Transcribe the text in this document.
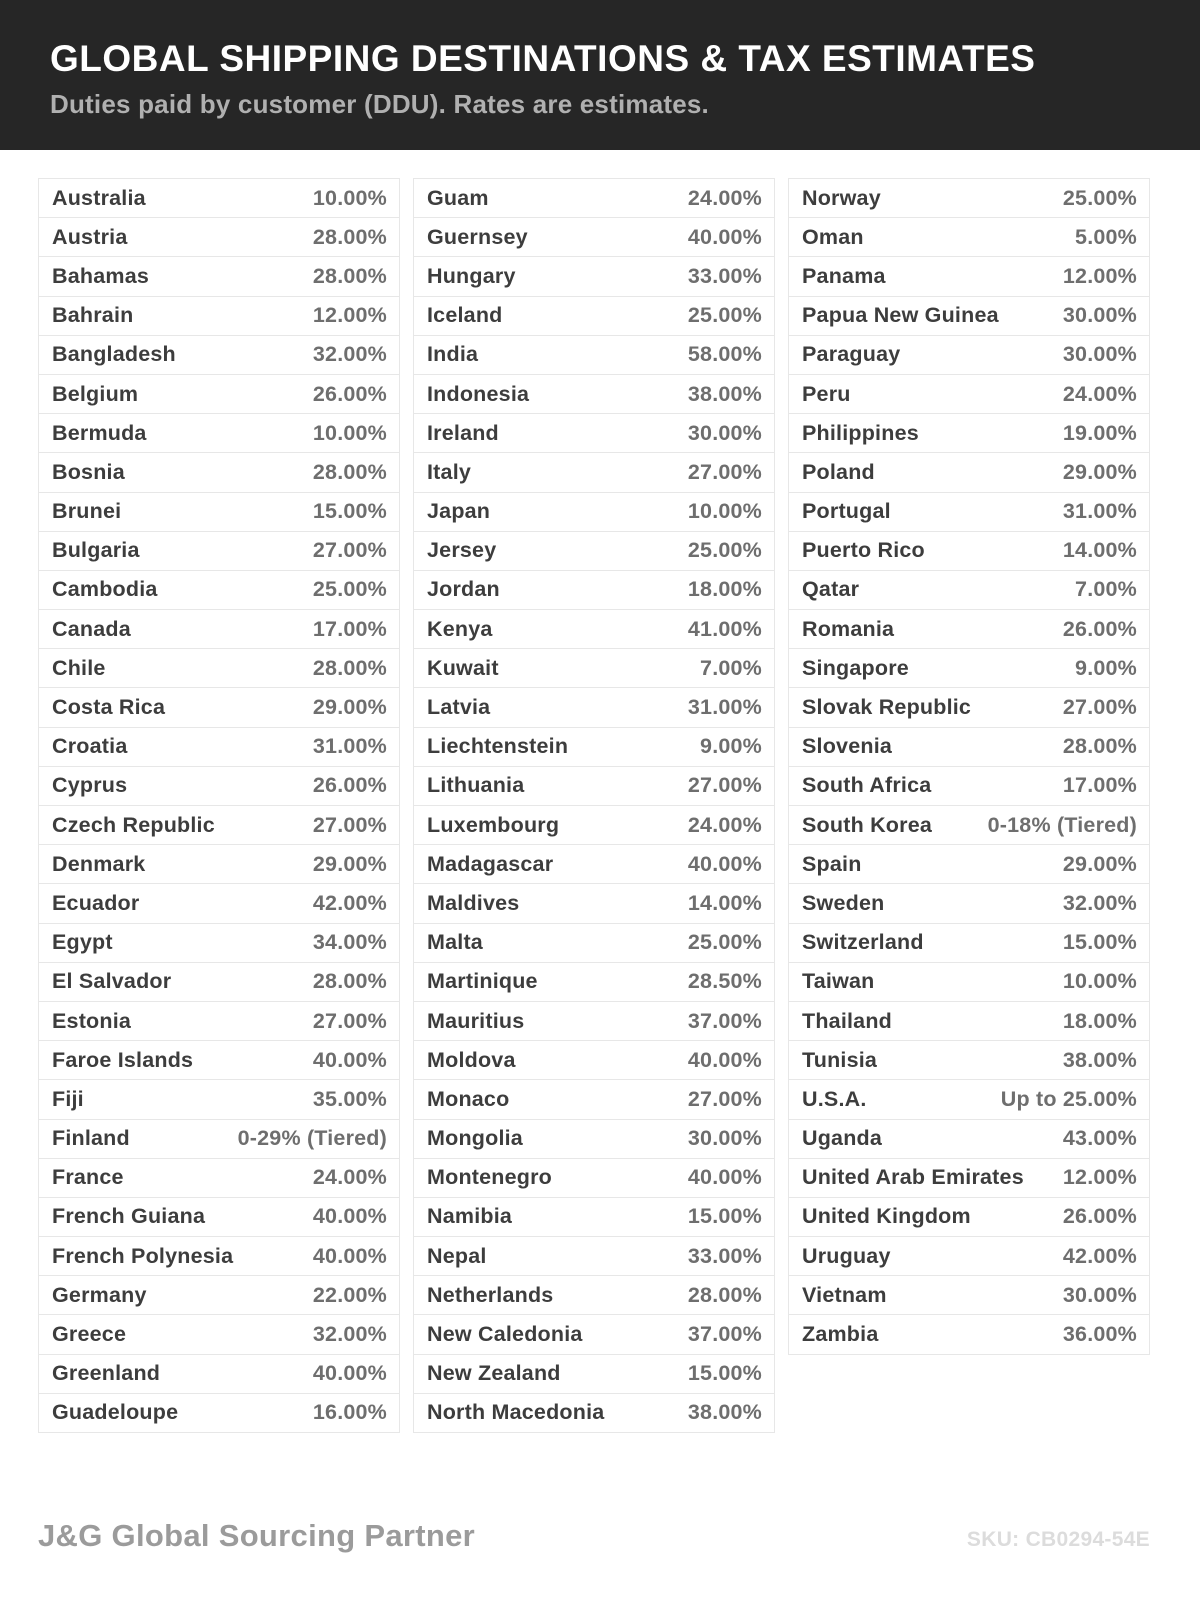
GLOBAL SHIPPING DESTINATIONS & TAX ESTIMATES

Duties paid by customer (DDU). Rates are estimates.

Australia	10.00%
Austria	28.00%
Bahamas	28.00%
Bahrain	12.00%
Bangladesh	32.00%
Belgium	26.00%
Bermuda	10.00%
Bosnia	28.00%
Brunei	15.00%
Bulgaria	27.00%
Cambodia	25.00%
Canada	17.00%
Chile	28.00%
Costa Rica	29.00%
Croatia	31.00%
Cyprus	26.00%
Czech Republic	27.00%
Denmark	29.00%
Ecuador	42.00%
Egypt	34.00%
El Salvador	28.00%
Estonia	27.00%
Faroe Islands	40.00%
Fiji	35.00%
Finland	0-29% (Tiered)
France	24.00%
French Guiana	40.00%
French Polynesia	40.00%
Germany	22.00%
Greece	32.00%
Greenland	40.00%
Guadeloupe	16.00%
Guam	24.00%
Guernsey	40.00%
Hungary	33.00%
Iceland	25.00%
India	58.00%
Indonesia	38.00%
Ireland	30.00%
Italy	27.00%
Japan	10.00%
Jersey	25.00%
Jordan	18.00%
Kenya	41.00%
Kuwait	7.00%
Latvia	31.00%
Liechtenstein	9.00%
Lithuania	27.00%
Luxembourg	24.00%
Madagascar	40.00%
Maldives	14.00%
Malta	25.00%
Martinique	28.50%
Mauritius	37.00%
Moldova	40.00%
Monaco	27.00%
Mongolia	30.00%
Montenegro	40.00%
Namibia	15.00%
Nepal	33.00%
Netherlands	28.00%
New Caledonia	37.00%
New Zealand	15.00%
North Macedonia	38.00%
Norway	25.00%
Oman	5.00%
Panama	12.00%
Papua New Guinea	30.00%
Paraguay	30.00%
Peru	24.00%
Philippines	19.00%
Poland	29.00%
Portugal	31.00%
Puerto Rico	14.00%
Qatar	7.00%
Romania	26.00%
Singapore	9.00%
Slovak Republic	27.00%
Slovenia	28.00%
South Africa	17.00%
South Korea	0-18% (Tiered)
Spain	29.00%
Sweden	32.00%
Switzerland	15.00%
Taiwan	10.00%
Thailand	18.00%
Tunisia	38.00%
U.S.A.	Up to 25.00%
Uganda	43.00%
United Arab Emirates 12.00%
United Kingdom	26.00%
Uruguay	42.00%
Vietnam	30.00%
Zambia	36.00%
J&G Global Sourcing Partner	SKU: CB0294-54E
